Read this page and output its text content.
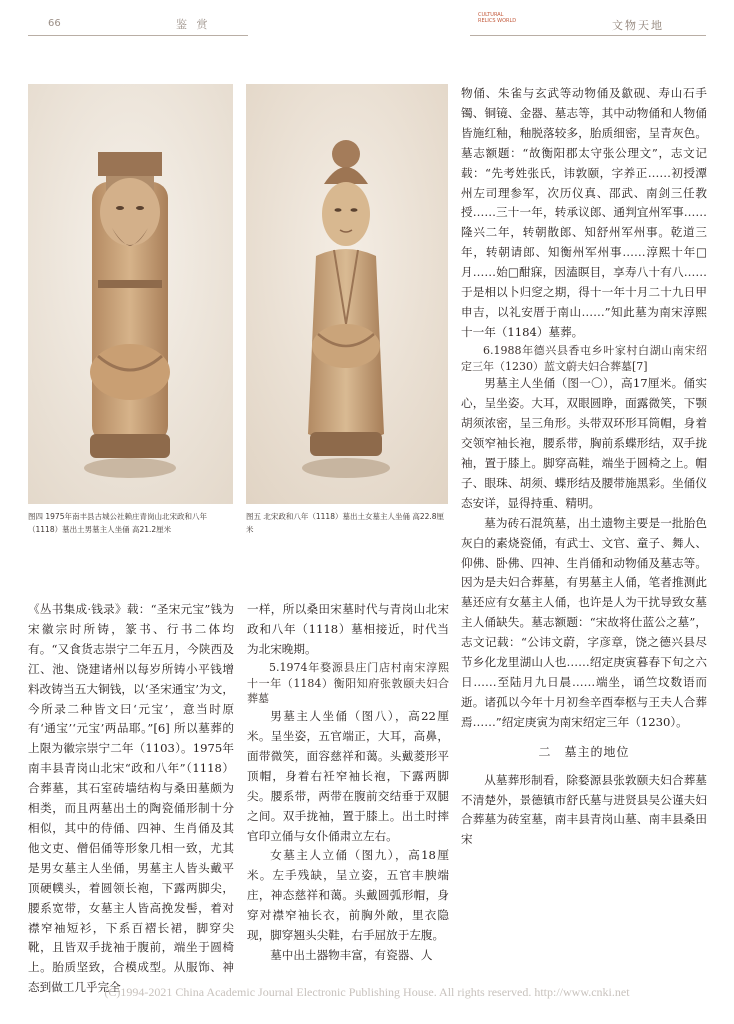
66	鉴 赏
CULTURAL RELICS WORLD	文物天地
图四 1975年南丰县古城公社赖庄青岗山北宋政和八年（1118）墓出土男墓主人坐俑 高21.2厘米
图五 北宋政和八年（1118）墓出土女墓主人坐俑 高22.8厘米

《丛书集成·钱录》载：“圣宋元宝”钱为宋徽宗时所铸，篆书、行书二体均有。“又食货志崇宁二年五月，今陕西及江、池、饶建诸州以每岁所铸小平钱增料改铸当五大铜钱，以‘圣宋通宝’为文，今所录二种皆文曰‘元宝’，意当时原有‘通宝’‘元宝’两品耶。”[6] 所以墓葬的上限为徽宗崇宁二年（1103）。1975年南丰县青岗山北宋“政和八年”（1118）合葬墓，其石室砖墙结构与桑田墓颇为相类，而且两墓出土的陶瓷俑形制十分相似，其中的侍俑、四神、生肖俑及其他文吏、僧侣俑等形象几相一致，尤其是男女墓主人坐俑，男墓主人皆头戴平顶硬幞头，着圆领长袍，下露两脚尖，腰系宽带，女墓主人皆高挽发髻，着对襟窄袖短衫，下系百褶长裙，脚穿尖靴，且皆双手拢袖于腹前，端坐于圆椅上。胎质坚致，合模成型。从服饰、神态到做工几乎完全

一样，所以桑田宋墓时代与青岗山北宋政和八年（1118）墓相接近，时代当为北宋晚期。

5.1974年婺源县庄门店村南宋淳熙十一年（1184）衡阳知府张敦颐夫妇合葬墓

男墓主人坐俑（图八），高22厘米。呈坐姿，五官端正，大耳，高鼻，面带微笑，面容慈祥和蔼。头戴菱形平顶帽，身着右衽窄袖长袍，下露两脚尖。腰系带，两带在腹前交结垂于双腿之间。双手拢袖，置于膝上。出土时摔官印立俑与女仆俑肃立左右。

女墓主人立俑（图九），高18厘米。左手残缺，呈立姿，五官丰腴端庄，神态慈祥和蔼。头戴圆弧形帽，身穿对襟窄袖长衣，前胸外敞，里衣隐现，脚穿翘头尖鞋，右手屈放于左腹。

墓中出土器物丰富，有瓷器、人

物俑、朱雀与玄武等动物俑及歙砚、寿山石手镯、铜镜、金器、墓志等，其中动物俑和人物俑皆施红釉，釉脱落较多，胎质细密，呈青灰色。墓志额题：“故衡阳郡太守张公理文”，志文记载：“先考姓张氏，讳敦颐，字养正……初授潭州左司理参军，次历仪真、邵武、南剑三任教授……三十一年，转承议郎、通判宜州军事……隆兴二年，转朝散郎、知舒州军州事。乾道三年，转朝请郎、知衡州军州事……淳熙十年□月……始□酣寐，因溘瞑目，享寿八十有八……于是相以卜归窆之期，得十一年十月二十九日甲申吉，以礼安厝于南山……”知此墓为南宋淳熙十一年（1184）墓葬。

6.1988年德兴县香屯乡叶家村白湖山南宋绍定三年（1230）蓝文蔚夫妇合葬墓[7]

男墓主人坐俑（图一〇），高17厘米。俑实心，呈坐姿。大耳，双眼圆睁，面露微笑，下颚胡须浓密，呈三角形。头带双环形耳筒帽，身着交领窄袖长袍，腰系带，胸前系蝶形结，双手拢袖，置于膝上。脚穿高鞋，端坐于圆椅之上。帽子、眼珠、胡须、蝶形结及腰带施黑彩。坐俑仪态安详，显得持重、精明。

墓为砖石混筑墓，出土遗物主要是一批胎色灰白的素烧瓷俑，有武士、文官、童子、舞人、仰佛、卧佛、四神、生肖俑和动物俑及墓志等。因为是夫妇合葬墓，有男墓主人俑，笔者推测此墓还应有女墓主人俑，也许是人为干扰导致女墓主人俑缺失。墓志额题：“宋故将仕蓝公之墓”，志文记载：“公讳文蔚，字彦章，饶之德兴县尽节乡化龙里湖山人也……绍定庚寅暮春下旬之六日……至陆月九日晨……端坐，诵竺坟数语而逝。诸孤以今年十月初叁辛酉奉柩与王夫人合葬焉……”绍定庚寅为南宋绍定三年（1230）。

二　墓主的地位

从墓葬形制看，除婺源县张敦颐夫妇合葬墓不清楚外，景德镇市舒氏墓与进贤县吴公谨夫妇合葬墓为砖室墓，南丰县青岗山墓、南丰县桑田宋

(C)1994-2021 China Academic Journal Electronic Publishing House. All rights reserved. http://www.cnki.net
